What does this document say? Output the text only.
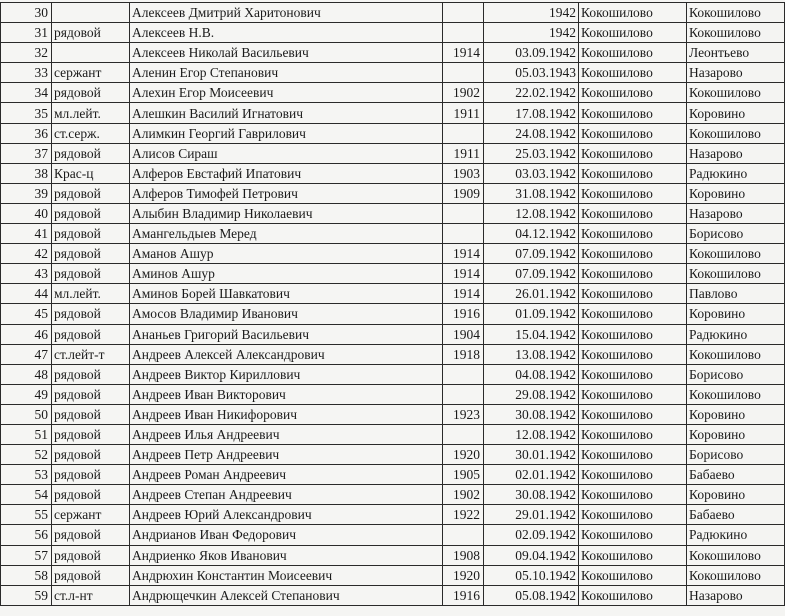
30		Алексеев Дмитрий Харитонович		1942	Кокошилово	Кокошилово
31	рядовой	Алексеев Н.В.		1942	Кокошилово	Кокошилово
32		Алексеев Николай Васильевич	1914	03.09.1942	Кокошилово	Леонтьево
33	сержант	Аленин Егор Степанович		05.03.1943	Кокошилово	Назарово
34	рядовой	Алехин Егор Моисеевич	1902	22.02.1942	Кокошилово	Кокошилово
35	мл.лейт.	Алешкин Василий Игнатович	1911	17.08.1942	Кокошилово	Коровино
36	ст.серж.	Алимкин Георгий Гаврилович		24.08.1942	Кокошилово	Кокошилово
37	рядовой	Алисов Сираш	1911	25.03.1942	Кокошилово	Назарово
38	Крас-ц	Алферов Евстафий Ипатович	1903	03.03.1942	Кокошилово	Радюкино
39	рядовой	Алферов Тимофей Петрович	1909	31.08.1942	Кокошилово	Коровино
40	рядовой	Алыбин Владимир Николаевич		12.08.1942	Кокошилово	Назарово
41	рядовой	Амангельдыев Меред		04.12.1942	Кокошилово	Борисово
42	рядовой	Аманов Ашур	1914	07.09.1942	Кокошилово	Кокошилово
43	рядовой	Аминов Ашур	1914	07.09.1942	Кокошилово	Кокошилово
44	мл.лейт.	Аминов Борей Шавкатович	1914	26.01.1942	Кокошилово	Павлово
45	рядовой	Амосов Владимир Иванович	1916	01.09.1942	Кокошилово	Коровино
46	рядовой	Ананьев Григорий Васильевич	1904	15.04.1942	Кокошилово	Радюкино
47	ст.лейт-т	Андреев Алексей Александрович	1918	13.08.1942	Кокошилово	Кокошилово
48	рядовой	Андреев Виктор Кириллович		04.08.1942	Кокошилово	Борисово
49	рядовой	Андреев Иван Викторович		29.08.1942	Кокошилово	Кокошилово
50	рядовой	Андреев Иван Никифорович	1923	30.08.1942	Кокошилово	Коровино
51	рядовой	Андреев Илья Андреевич		12.08.1942	Кокошилово	Коровино
52	рядовой	Андреев Петр Андреевич	1920	30.01.1942	Кокошилово	Борисово
53	рядовой	Андреев Роман Андреевич	1905	02.01.1942	Кокошилово	Бабаево
54	рядовой	Андреев Степан Андреевич	1902	30.08.1942	Кокошилово	Коровино
55	сержант	Андреев Юрий Александрович	1922	29.01.1942	Кокошилово	Бабаево
56	рядовой	Андрианов Иван Федорович		02.09.1942	Кокошилово	Радюкино
57	рядовой	Андриенко Яков Иванович	1908	09.04.1942	Кокошилово	Кокошилово
58	рядовой	Андрюхин Константин Моисеевич	1920	05.10.1942	Кокошилово	Кокошилово
59	ст.л-нт	Андрющечкин Алексей Степанович	1916	05.08.1942	Кокошилово	Назарово
